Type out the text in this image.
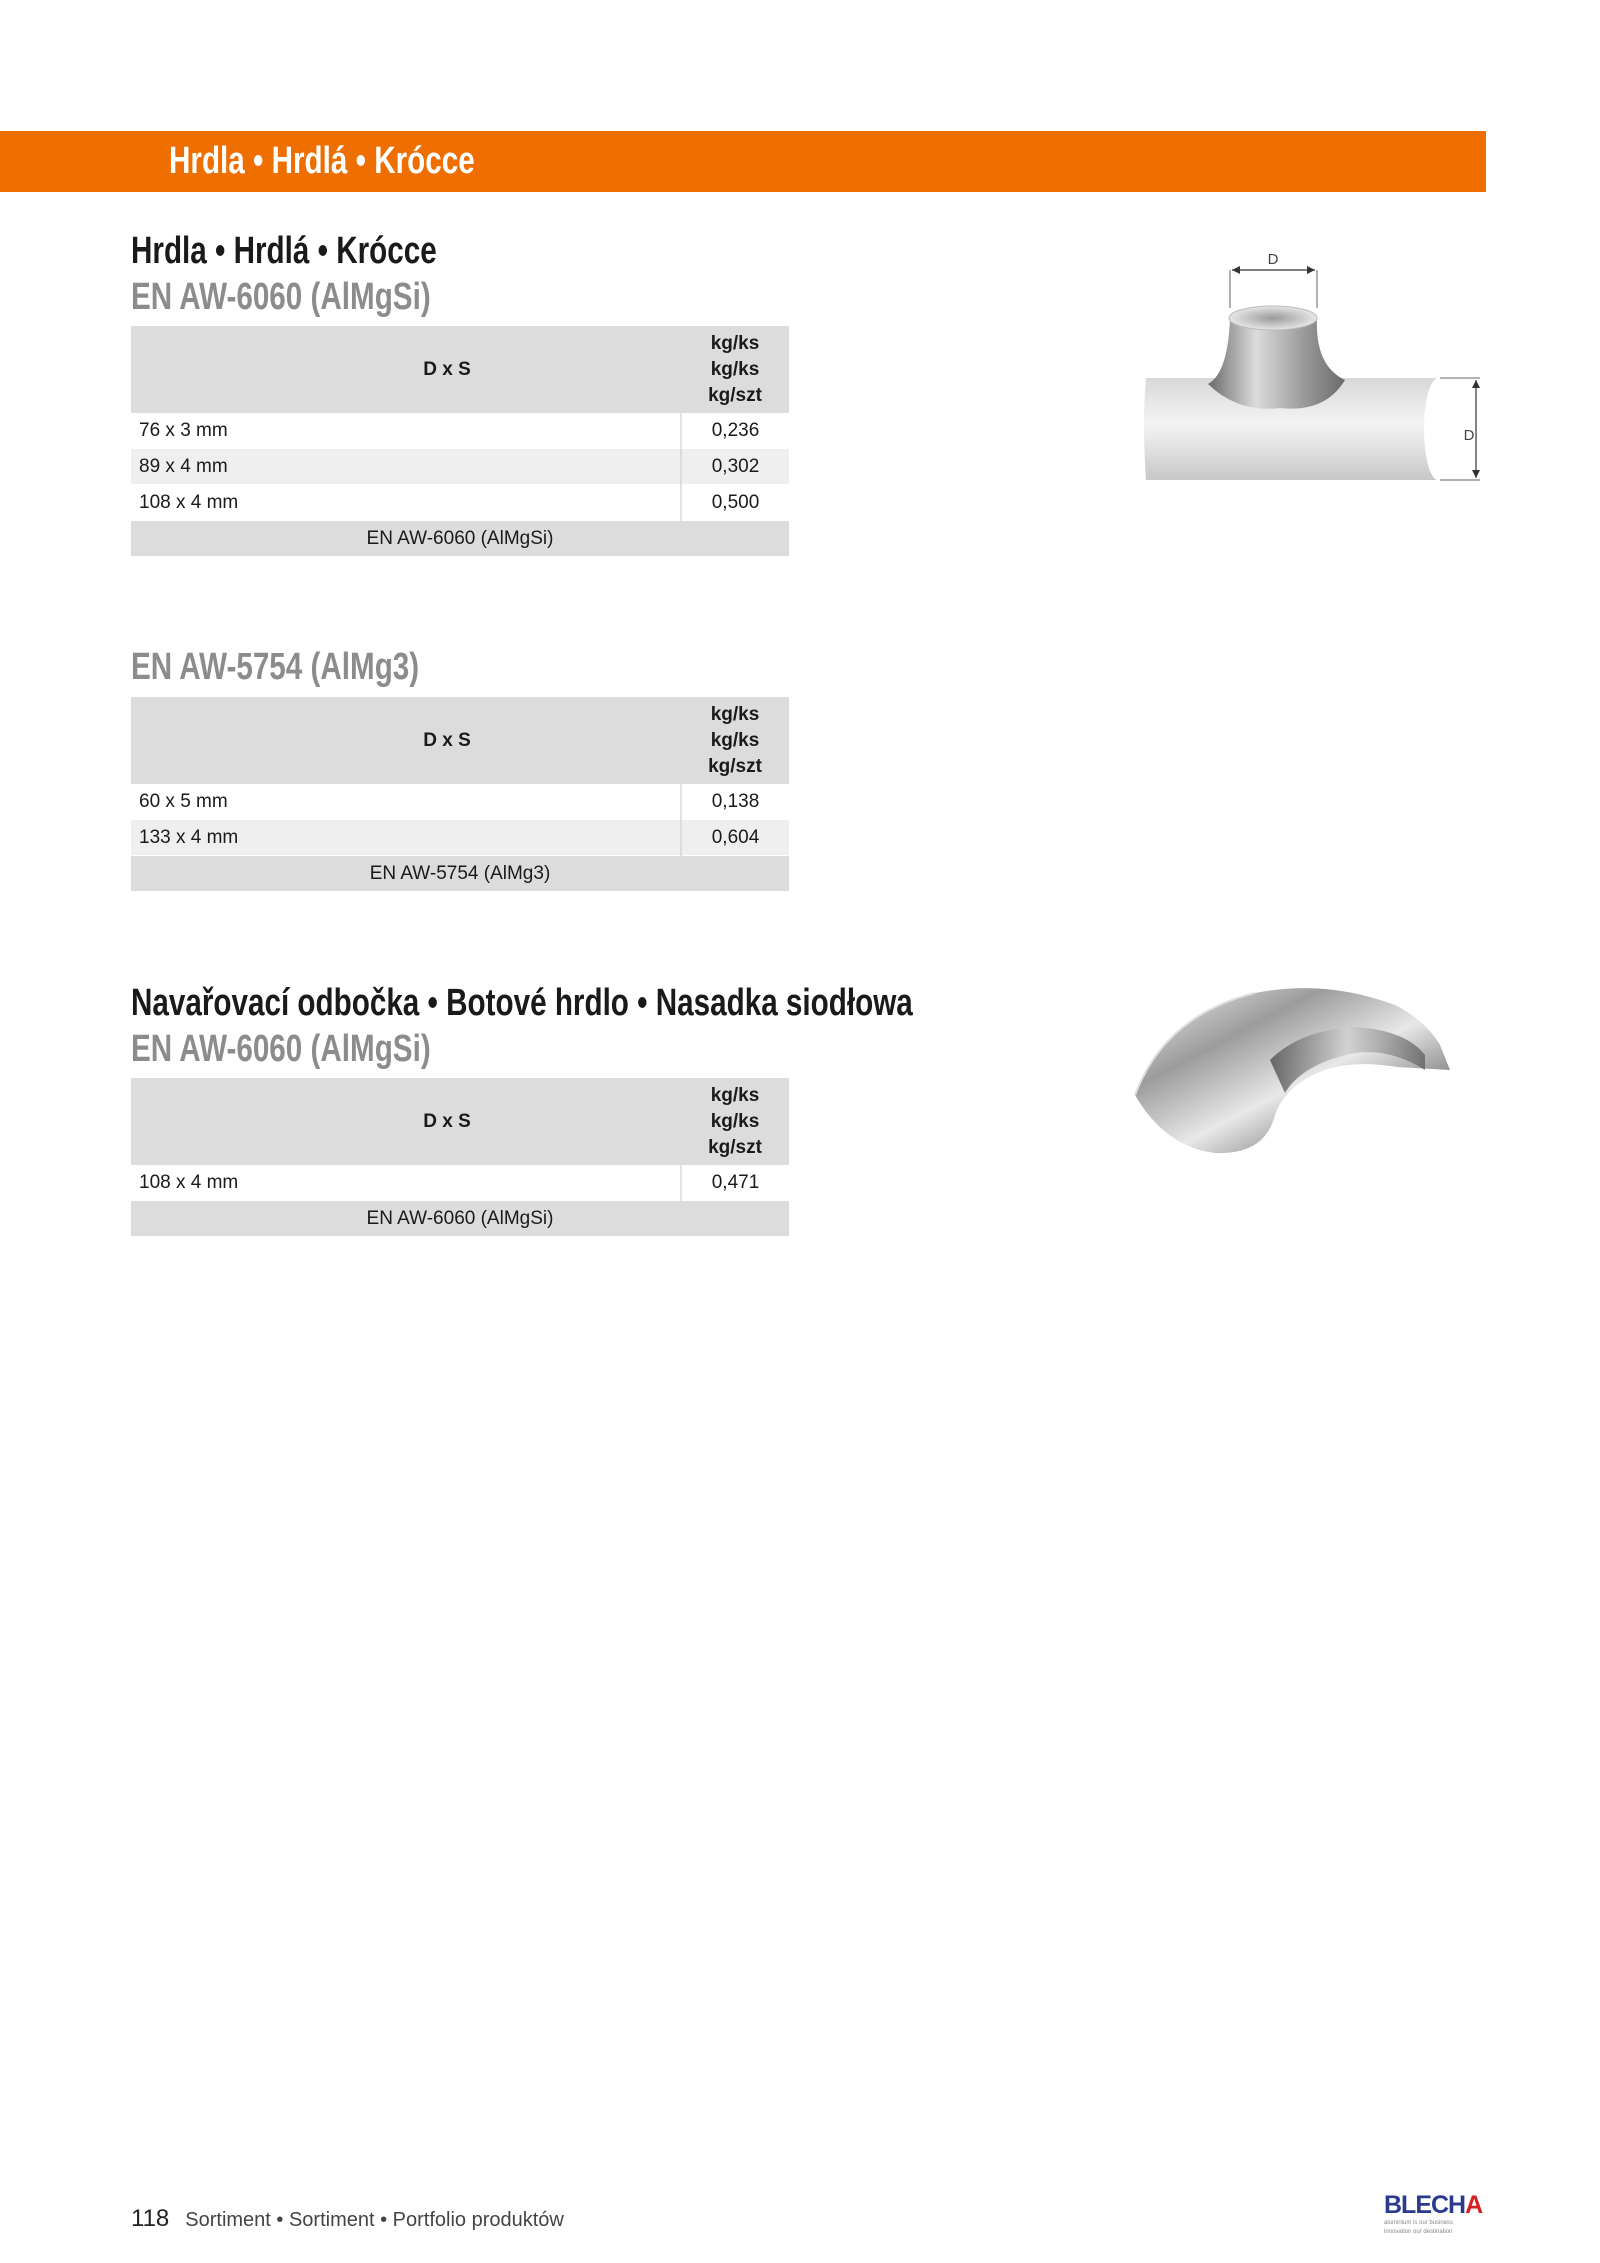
Hrdla • Hrdlá • Krócce
Hrdla • Hrdlá • Krócce
EN AW-6060 (AlMgSi)
D x S	kg/ks
kg/ks
kg/szt

76 x 3 mm	0,236
89 x 4 mm	0,302
108 x 4 mm	0,500
EN AW-6060 (AlMgSi)	
EN AW-5754 (AlMg3)
D x S	kg/ks
kg/ks
kg/szt

60 x 5 mm	0,138
133 x 4 mm	0,604
EN AW-5754 (AlMg3)	
Navařovací odbočka • Botové hrdlo • Nasadka siodłowa
EN AW-6060 (AlMgSi)
D x S	kg/ks
kg/ks
kg/szt

108 x 4 mm	0,471
EN AW-6060 (AlMgSi)	
D
D
118 Sortiment • Sortiment • Portfolio produktów
BLECHA
aluminium is our business
innovation our destination
